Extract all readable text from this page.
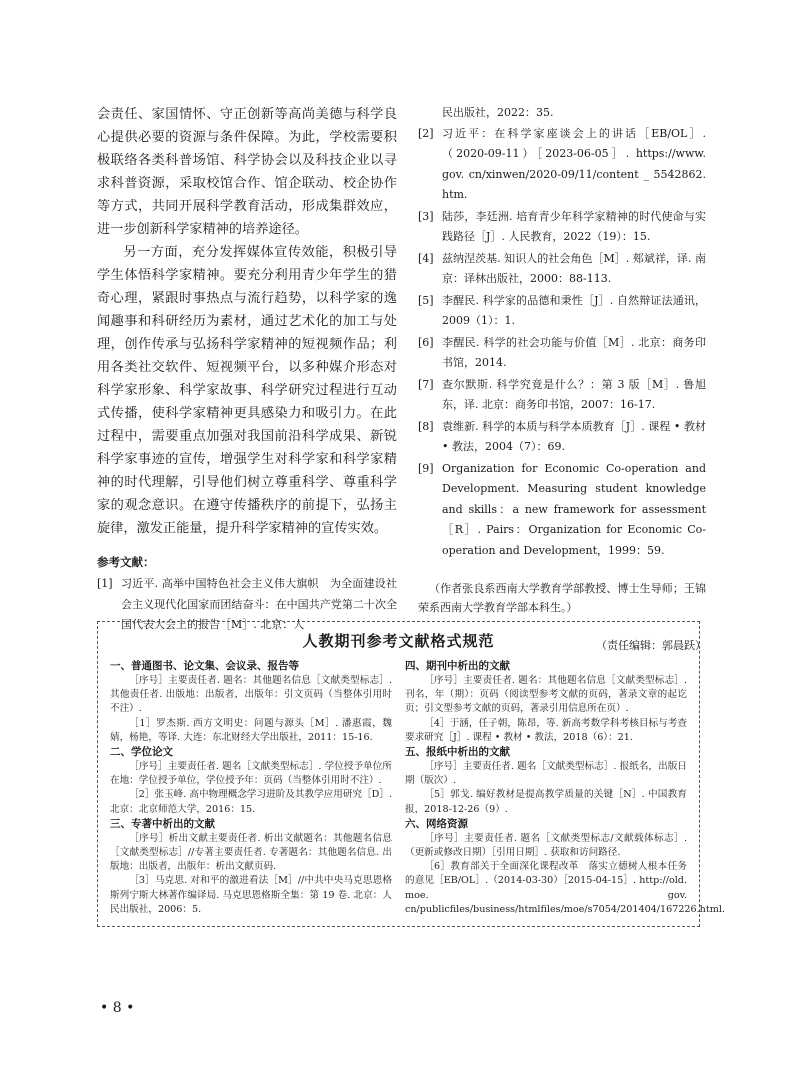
会责任、家国情怀、守正创新等高尚美德与科学良心提供必要的资源与条件保障。为此，学校需要积极联络各类科普场馆、科学协会以及科技企业以寻求科普资源，采取校馆合作、馆企联动、校企协作等方式，共同开展科学教育活动，形成集群效应，进一步创新科学家精神的培养途径。

另一方面，充分发挥媒体宣传效能，积极引导学生体悟科学家精神。要充分利用青少年学生的猎奇心理，紧跟时事热点与流行趋势，以科学家的逸闻趣事和科研经历为素材，通过艺术化的加工与处理，创作传承与弘扬科学家精神的短视频作品；利用各类社交软件、短视频平台，以多种媒介形态对科学家形象、科学家故事、科学研究过程进行互动式传播，使科学家精神更具感染力和吸引力。在此过程中，需要重点加强对我国前沿科学成果、新锐科学家事迹的宣传，增强学生对科学家和科学家精神的时代理解，引导他们树立尊重科学、尊重科学家的观念意识。在遵守传播秩序的前提下，弘扬主旋律，激发正能量，提升科学家精神的宣传实效。

参考文献：
[1] 习近平. 高举中国特色社会主义伟大旗帜　为全面建设社会主义现代化国家而团结奋斗：在中国共产党第二十次全国代表大会上的报告［M］. 北京：人

民出版社，2022：35.

[2] 习近平：在科学家座谈会上的讲话［EB/OL］.（2020-09-11）［2023-06-05］. https://www. gov. cn/xinwen/2020-09/11/content _ 5542862. htm.
[3] 陆莎，李廷洲. 培育青少年科学家精神的时代使命与实践路径［J］. 人民教育，2022（19）：15.
[4] 兹纳涅茨基. 知识人的社会角色［M］. 郏斌祥，译. 南京：译林出版社，2000：88-113.
[5] 李醒民. 科学家的品德和秉性［J］. 自然辩证法通讯，2009（1）：1.
[6] 李醒民. 科学的社会功能与价值［M］. 北京：商务印书馆，2014.
[7] 查尔默斯. 科学究竟是什么？：第 3 版［M］. 鲁旭东，译. 北京：商务印书馆，2007：16-17.
[8] 袁维新. 科学的本质与科学本质教育［J］. 课程 • 教材 • 教法，2004（7）：69.
[9] Organization for Economic Co-operation and Development. Measuring student knowledge and skills：a new framework for assessment［R］. Pairs：Organization for Economic Co-operation and Development，1999：59.
（作者张良系西南大学教育学部教授、博士生导师；王锦荣系西南大学教育学部本科生。）
（责任编辑：郭晨跃）
人教期刊参考文献格式规范

一、普通图书、论文集、会议录、报告等

［序号］主要责任者. 题名：其他题名信息［文献类型标志］. 其他责任者. 出版地：出版者，出版年：引文页码（当整体引用时不注）.

［1］罗杰斯. 西方文明史：问题与源头［M］. 潘惠霞，魏婧，杨艳，等译. 大连：东北财经大学出版社，2011：15-16.

二、学位论文

［序号］主要责任者. 题名［文献类型标志］. 学位授予单位所在地：学位授予单位，学位授予年：页码（当整体引用时不注）.

［2］张玉峰. 高中物理概念学习进阶及其教学应用研究［D］. 北京：北京师范大学，2016：15.

三、专著中析出的文献

［序号］析出文献主要责任者. 析出文献题名：其他题名信息［文献类型标志］//专著主要责任者. 专著题名：其他题名信息. 出版地：出版者，出版年：析出文献页码.

［3］马克思. 对和平的激进看法［M］//中共中央马克思恩格斯列宁斯大林著作编译局. 马克思恩格斯全集：第 19 卷. 北京：人民出版社，2006：5.

四、期刊中析出的文献

［序号］主要责任者. 题名：其他题名信息［文献类型标志］. 刊名，年（期）：页码（阅读型参考文献的页码，著录文章的起讫页；引文型参考文献的页码，著录引用信息所在页）.

［4］于涵，任子朝，陈昂，等. 新高考数学科考核目标与考查要求研究［J］. 课程 • 教材 • 教法，2018（6）：21.

五、报纸中析出的文献

［序号］主要责任者. 题名［文献类型标志］. 报纸名，出版日期（版次）.

［5］郭戈. 编好教材是提高教学质量的关键［N］. 中国教育报，2018-12-26（9）.

六、网络资源

［序号］主要责任者. 题名［文献类型标志/文献载体标志］.（更新或修改日期）［引用日期］. 获取和访问路径.

［6］教育部关于全面深化课程改革　落实立德树人根本任务的意见［EB/OL］.（2014-03-30）［2015-04-15］. http://old. moe. gov. cn/publicfiles/business/htmlfiles/moe/s7054/201404/167226.html.

• 8 •
